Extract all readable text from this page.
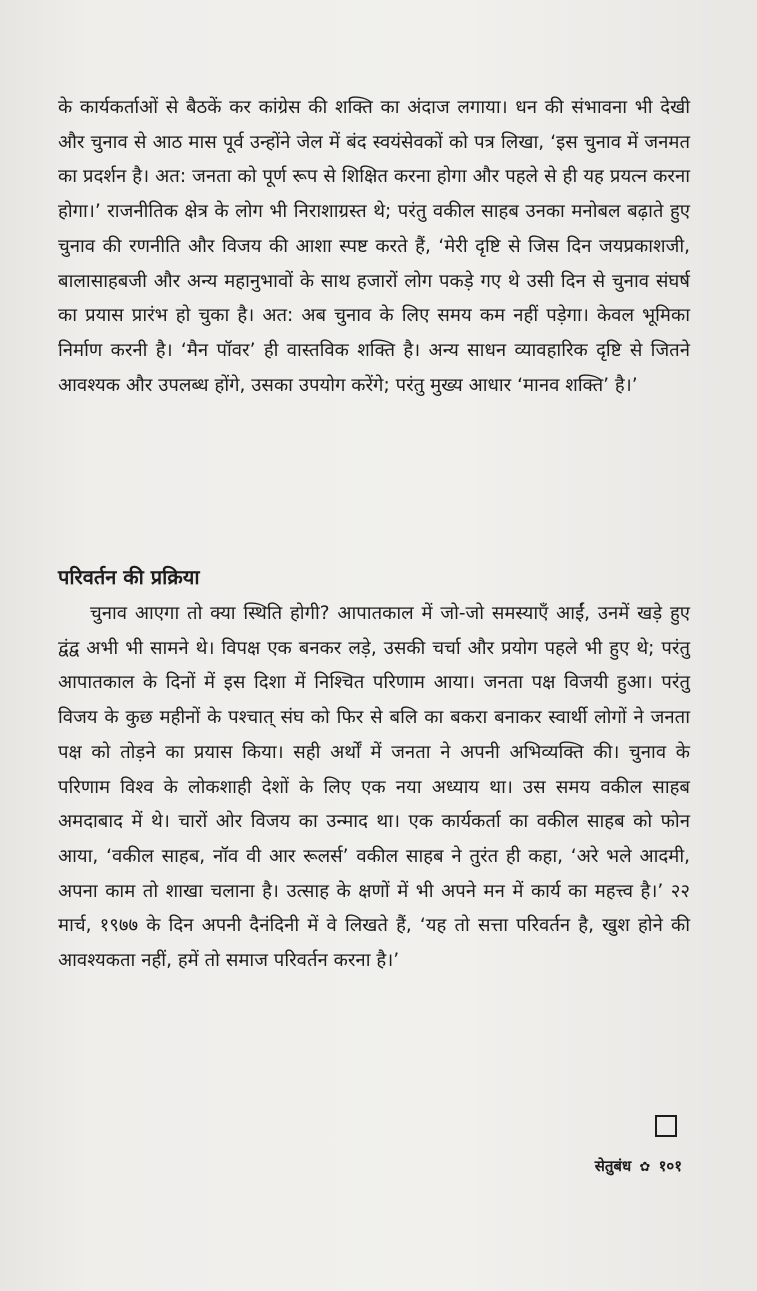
के कार्यकर्ताओं से बैठकें कर कांग्रेस की शक्ति का अंदाज लगाया। धन की संभावना भी देखी और चुनाव से आठ मास पूर्व उन्होंने जेल में बंद स्वयंसेवकों को पत्र लिखा, ‘इस चुनाव में जनमत का प्रदर्शन है। अत: जनता को पूर्ण रूप से शिक्षित करना होगा और पहले से ही यह प्रयत्न करना होगा।’ राजनीतिक क्षेत्र के लोग भी निराशाग्रस्त थे; परंतु वकील साहब उनका मनोबल बढ़ाते हुए चुनाव की रणनीति और विजय की आशा स्पष्ट करते हैं, ‘मेरी दृष्टि से जिस दिन जयप्रकाशजी, बालासाहबजी और अन्य महानुभावों के साथ हजारों लोग पकड़े गए थे उसी दिन से चुनाव संघर्ष का प्रयास प्रारंभ हो चुका है। अत: अब चुनाव के लिए समय कम नहीं पड़ेगा। केवल भूमिका निर्माण करनी है। ‘मैन पॉवर’ ही वास्तविक शक्ति है। अन्य साधन व्यावहारिक दृष्टि से जितने आवश्यक और उपलब्ध होंगे, उसका उपयोग करेंगे; परंतु मुख्य आधार ‘मानव शक्ति’ है।’

परिवर्तन की प्रक्रिया

चुनाव आएगा तो क्या स्थिति होगी? आपातकाल में जो-जो समस्याएँ आईं, उनमें खड़े हुए द्वंद्व अभी भी सामने थे। विपक्ष एक बनकर लड़े, उसकी चर्चा और प्रयोग पहले भी हुए थे; परंतु आपातकाल के दिनों में इस दिशा में निश्चित परिणाम आया। जनता पक्ष विजयी हुआ। परंतु विजय के कुछ महीनों के पश्चात् संघ को फिर से बलि का बकरा बनाकर स्वार्थी लोगों ने जनता पक्ष को तोड़ने का प्रयास किया। सही अर्थों में जनता ने अपनी अभिव्यक्ति की। चुनाव के परिणाम विश्व के लोकशाही देशों के लिए एक नया अध्याय था। उस समय वकील साहब अमदाबाद में थे। चारों ओर विजय का उन्माद था। एक कार्यकर्ता का वकील साहब को फोन आया, ‘वकील साहब, नॉव वी आर रूलर्स’ वकील साहब ने तुरंत ही कहा, ‘अरे भले आदमी, अपना काम तो शाखा चलाना है। उत्साह के क्षणों में भी अपने मन में कार्य का महत्त्व है।’ २२ मार्च, १९७७ के दिन अपनी दैनंदिनी में वे लिखते हैं, ‘यह तो सत्ता परिवर्तन है, खुश होने की आवश्यकता नहीं, हमें तो समाज परिवर्तन करना है।’

सेतुबंध ✿ १०१
